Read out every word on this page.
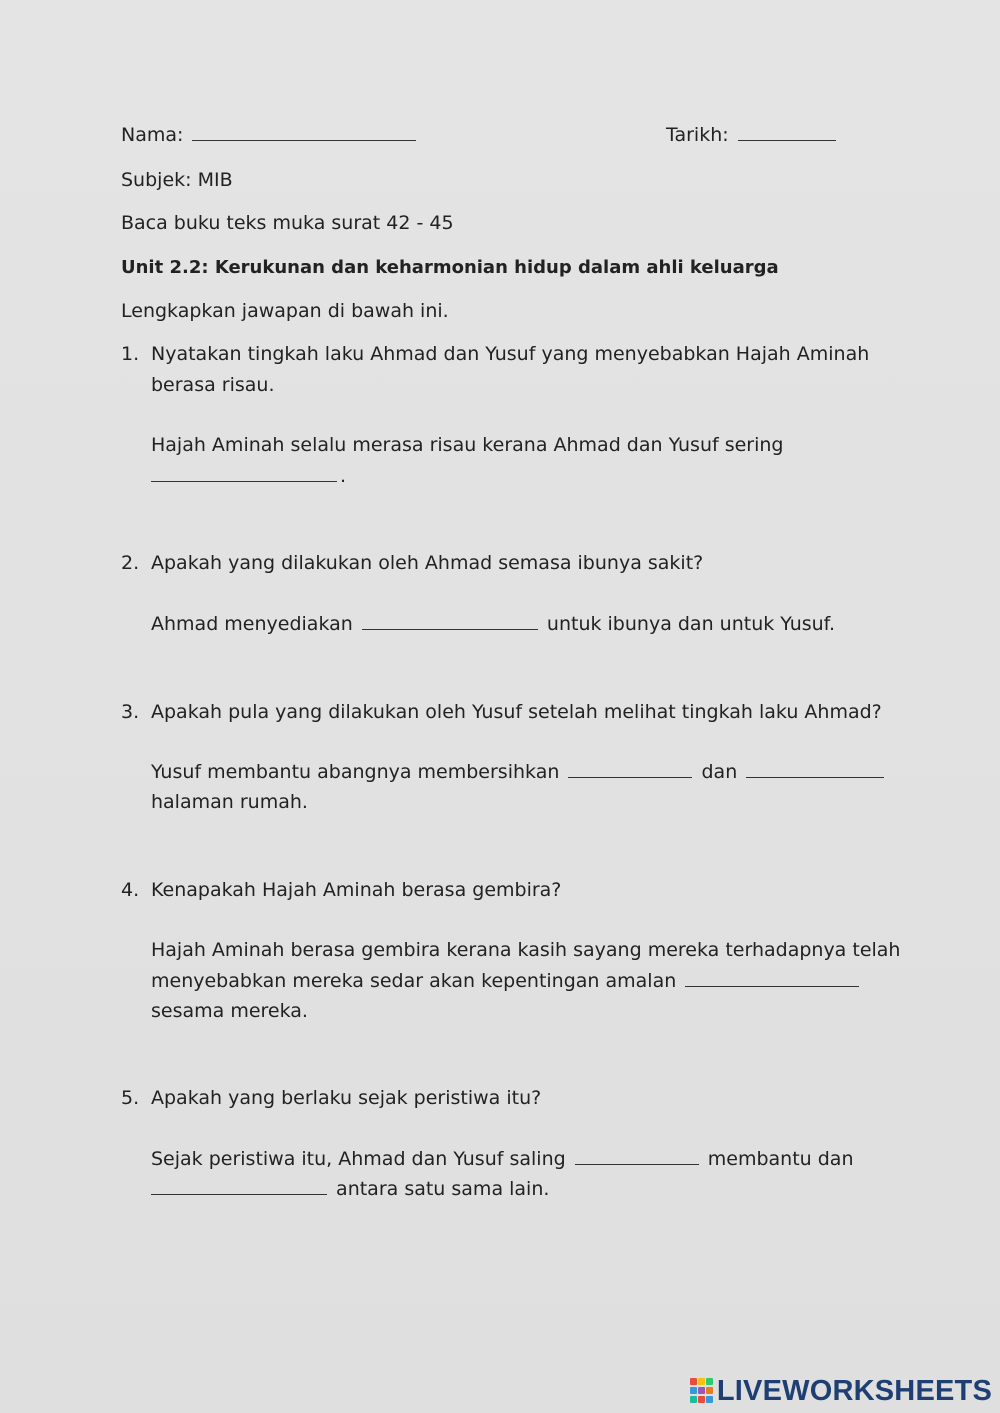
Nama:	Tarikh:
Subjek: MIB
Baca buku teks muka surat 42 - 45
Unit 2.2: Kerukunan dan keharmonian hidup dalam ahli keluarga
Lengkapkan jawapan di bawah ini.
1. Nyatakan tingkah laku Ahmad dan Yusuf yang menyebabkan Hajah Aminah
berasa risau.
Hajah Aminah selalu merasa risau kerana Ahmad dan Yusuf sering
.
2. Apakah yang dilakukan oleh Ahmad semasa ibunya sakit?
Ahmad menyediakan	untuk ibunya dan untuk Yusuf.
3. Apakah pula yang dilakukan oleh Yusuf setelah melihat tingkah laku Ahmad?
Yusuf membantu abangnya membersihkan	dan
halaman rumah.
4. Kenapakah Hajah Aminah berasa gembira?
Hajah Aminah berasa gembira kerana kasih sayang mereka terhadapnya telah
menyebabkan mereka sedar akan kepentingan amalan
sesama mereka.
5. Apakah yang berlaku sejak peristiwa itu?
Sejak peristiwa itu, Ahmad dan Yusuf saling	membantu dan
antara satu sama lain.
LIVEWORKSHEETS
